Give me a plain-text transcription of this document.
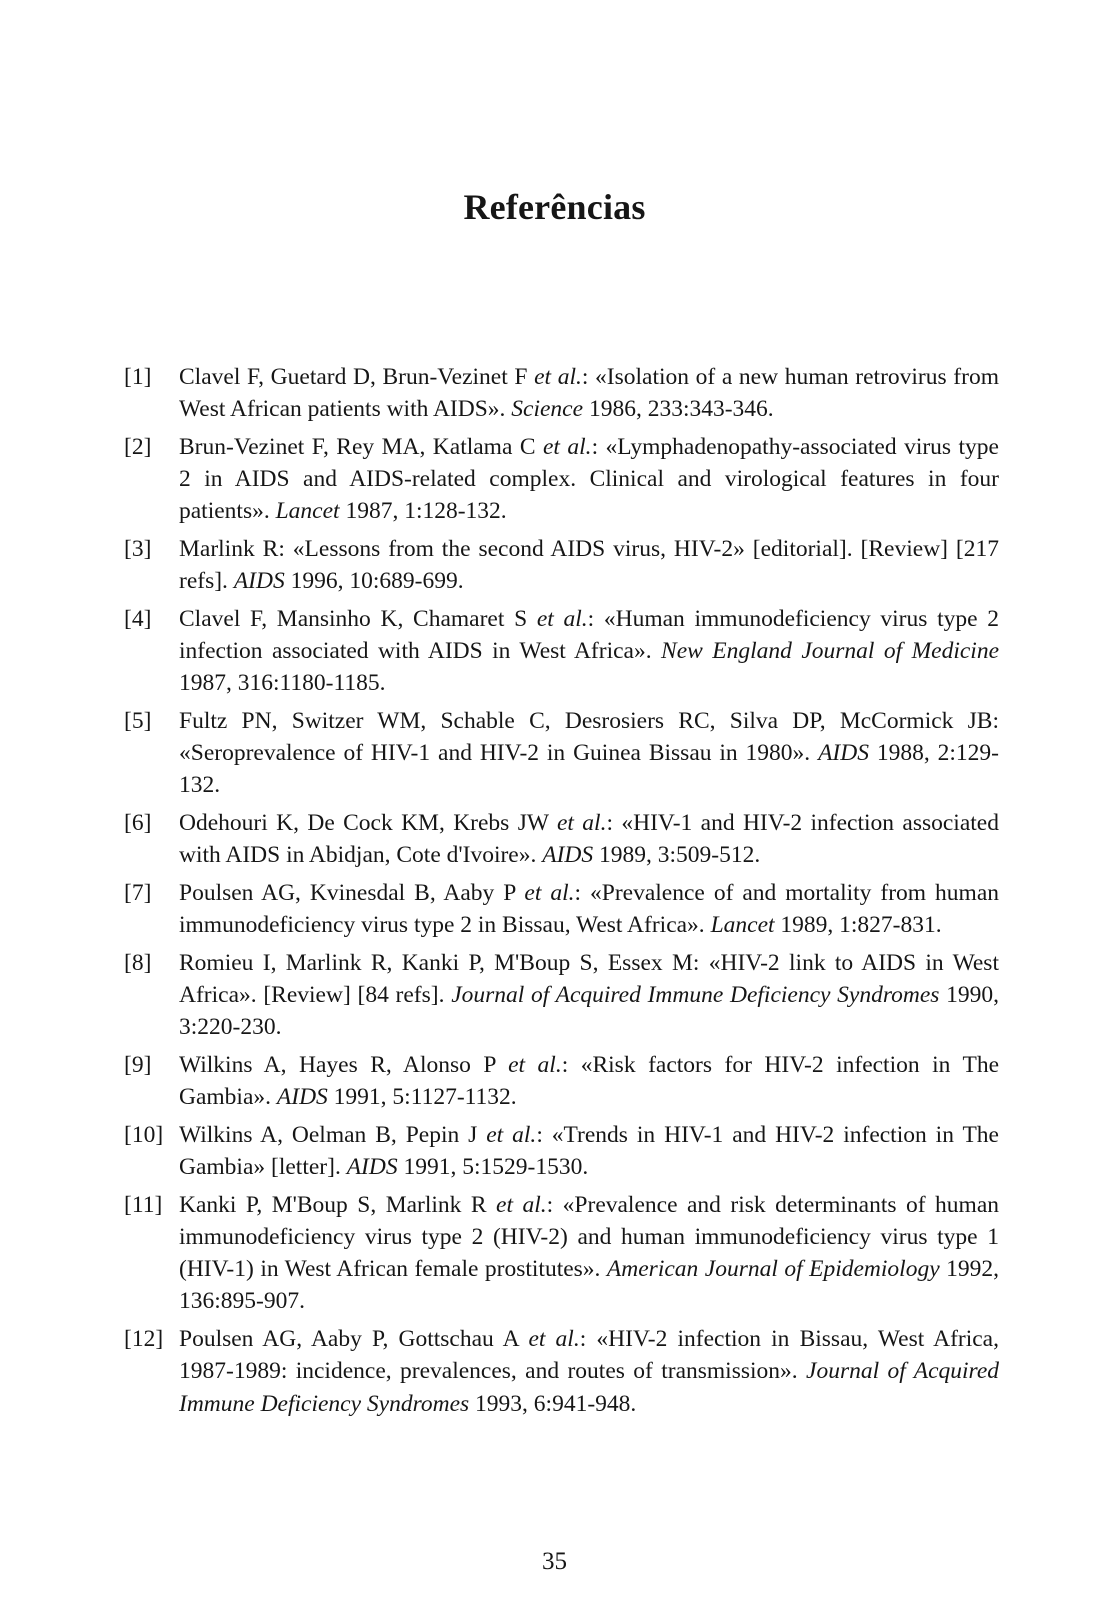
Referências
[1]	Clavel F, Guetard D, Brun-Vezinet F et al.: «Isolation of a new human retrovirus from West African patients with AIDS». Science 1986, 233:343-346.
[2]	Brun-Vezinet F, Rey MA, Katlama C et al.: «Lymphadenopathy-associated virus type 2 in AIDS and AIDS-related complex. Clinical and virological features in four patients». Lancet 1987, 1:128-132.
[3]	Marlink R: «Lessons from the second AIDS virus, HIV-2» [editorial]. [Review] [217 refs]. AIDS 1996, 10:689-699.
[4]	Clavel F, Mansinho K, Chamaret S et al.: «Human immunodeficiency virus type 2 infection associated with AIDS in West Africa». New England Journal of Medicine 1987, 316:1180-1185.
[5]	Fultz PN, Switzer WM, Schable C, Desrosiers RC, Silva DP, McCormick JB: «Seroprevalence of HIV-1 and HIV-2 in Guinea Bissau in 1980». AIDS 1988, 2:129-132.
[6]	Odehouri K, De Cock KM, Krebs JW et al.: «HIV-1 and HIV-2 infection associated with AIDS in Abidjan, Cote d'Ivoire». AIDS 1989, 3:509-512.
[7]	Poulsen AG, Kvinesdal B, Aaby P et al.: «Prevalence of and mortality from human immunodeficiency virus type 2 in Bissau, West Africa». Lancet 1989, 1:827-831.
[8]	Romieu I, Marlink R, Kanki P, M'Boup S, Essex M: «HIV-2 link to AIDS in West Africa». [Review] [84 refs]. Journal of Acquired Immune Deficiency Syndromes 1990, 3:220-230.
[9]	Wilkins A, Hayes R, Alonso P et al.: «Risk factors for HIV-2 infection in The Gambia». AIDS 1991, 5:1127-1132.
[10] Wilkins A, Oelman B, Pepin J et al.: «Trends in HIV-1 and HIV-2 infection in The Gambia» [letter]. AIDS 1991, 5:1529-1530.
[11] Kanki P, M'Boup S, Marlink R et al.: «Prevalence and risk determinants of human immunodeficiency virus type 2 (HIV-2) and human immunodeficiency virus type 1 (HIV-1) in West African female prostitutes». American Journal of Epidemiology 1992, 136:895-907.
[12] Poulsen AG, Aaby P, Gottschau A et al.: «HIV-2 infection in Bissau, West Africa, 1987-1989: incidence, prevalences, and routes of transmission». Journal of Acquired Immune Deficiency Syndromes 1993, 6:941-948.
35
